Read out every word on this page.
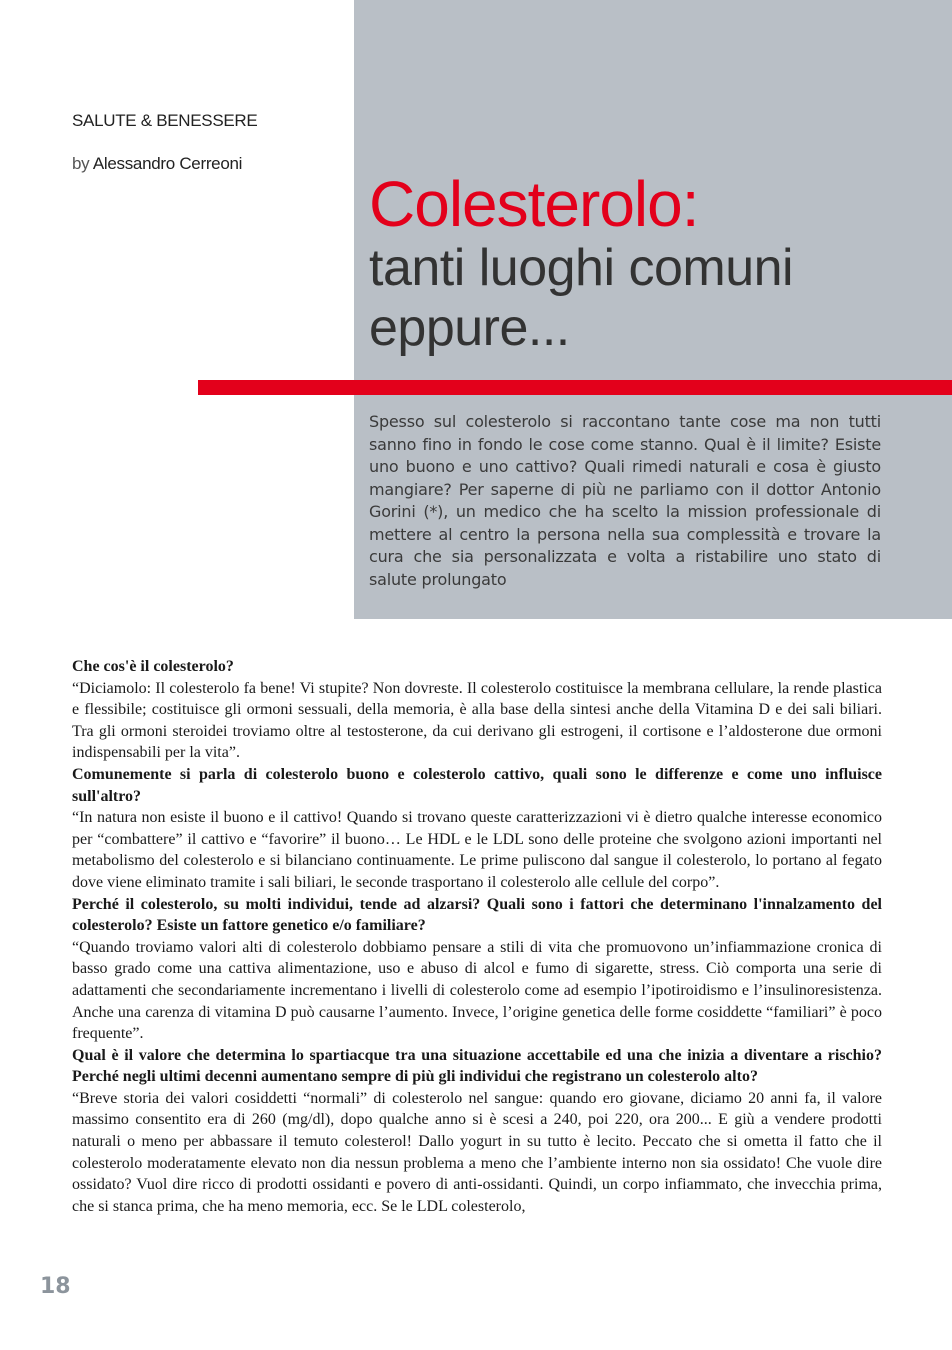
SALUTE & BENESSERE
by Alessandro Cerreoni
Colesterolo:
tanti luoghi comuni
eppure...
Spesso sul colesterolo si raccontano tante cose ma non tutti sanno fino in fondo le cose come stanno. Qual è il limite? Esiste uno buono e uno cattivo? Quali rimedi naturali e cosa è giusto mangiare? Per saperne di più ne parliamo con il dottor Antonio Gorini (*), un medico che ha scelto la mission professionale di mettere al centro la persona nella sua complessità e trovare la cura che sia personalizzata e volta a ristabilire uno stato di salute prolungato

Che cos'è il colesterolo?

“Diciamolo: Il colesterolo fa bene! Vi stupite? Non dovreste. Il colesterolo costituisce la membrana cellulare, la rende plastica e flessibile; costituisce gli ormoni sessuali, della memoria, è alla base della sintesi anche della Vitamina D e dei sali biliari. Tra gli ormoni steroidei troviamo oltre al testosterone, da cui derivano gli estrogeni, il cortisone e l’aldosterone due ormoni indispensabili per la vita”.

Comunemente si parla di colesterolo buono e colesterolo cattivo, quali sono le differenze e come uno influisce sull'altro?

“In natura non esiste il buono e il cattivo! Quando si trovano queste caratterizzazioni vi è dietro qualche interesse economico per “combattere” il cattivo e “favorire” il buono… Le HDL e le LDL sono delle proteine che svolgono azioni importanti nel metabolismo del colesterolo e si bilanciano continuamente. Le prime puliscono dal sangue il colesterolo, lo portano al fegato dove viene eliminato tramite i sali biliari, le seconde trasportano il colesterolo alle cellule del corpo”.

Perché il colesterolo, su molti individui, tende ad alzarsi? Quali sono i fattori che determinano l'innalzamento del colesterolo? Esiste un fattore genetico e/o familiare?

“Quando troviamo valori alti di colesterolo dobbiamo pensare a stili di vita che promuovono un’infiammazione cronica di basso grado come una cattiva alimentazione, uso e abuso di alcol e fumo di sigarette, stress. Ciò comporta una serie di adattamenti che secondariamente incrementano i livelli di colesterolo come ad esempio l’ipotiroidismo e l’insulinoresistenza. Anche una carenza di vitamina D può causarne l’aumento. Invece, l’origine genetica delle forme cosiddette “familiari” è poco frequente”.

Qual è il valore che determina lo spartiacque tra una situazione accettabile ed una che inizia a diventare a rischio? Perché negli ultimi decenni aumentano sempre di più gli individui che registrano un colesterolo alto?

“Breve storia dei valori cosiddetti “normali” di colesterolo nel sangue: quando ero giovane, diciamo 20 anni fa, il valore massimo consentito era di 260 (mg/dl), dopo qualche anno si è scesi a 240, poi 220, ora 200... E giù a vendere prodotti naturali o meno per abbassare il temuto colesterol! Dallo yogurt in su tutto è lecito. Peccato che si ometta il fatto che il colesterolo moderatamente elevato non dia nessun problema a meno che l’ambiente interno non sia ossidato! Che vuole dire ossidato? Vuol dire ricco di prodotti ossidanti e povero di anti-ossidanti. Quindi, un corpo infiammato, che invecchia prima, che si stanca prima, che ha meno memoria, ecc. Se le LDL colesterolo,

18
